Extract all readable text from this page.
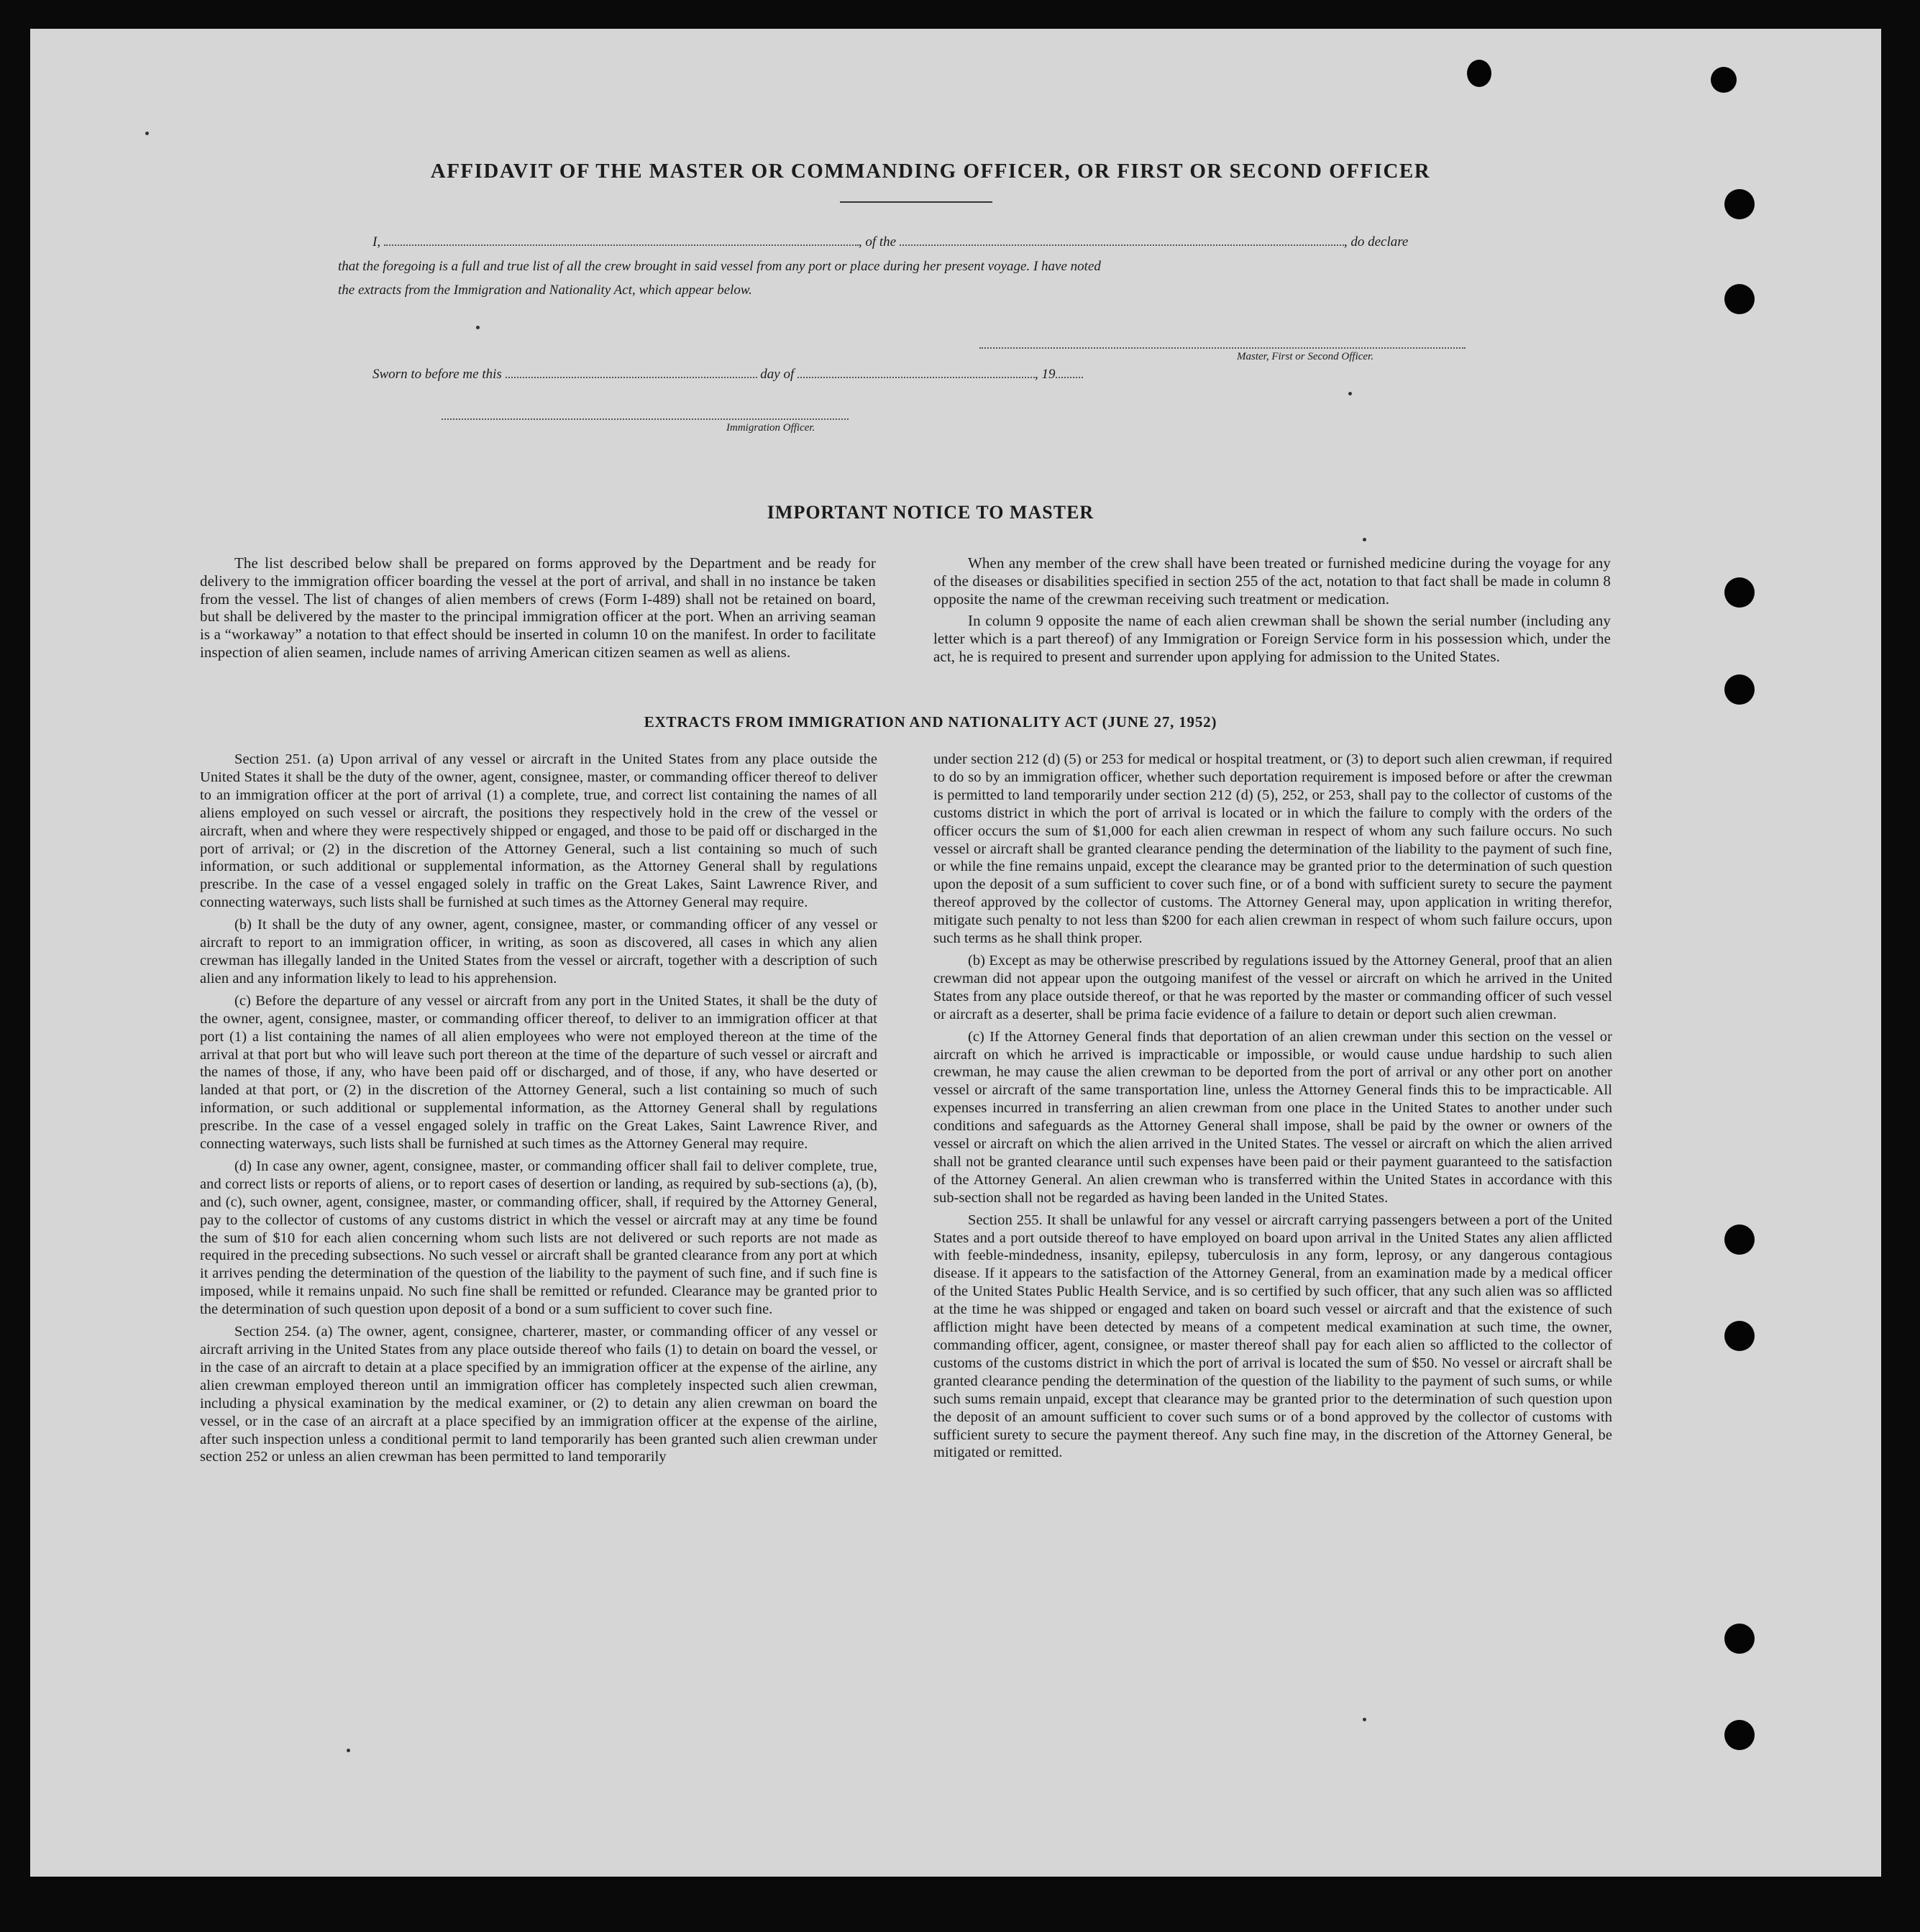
AFFIDAVIT OF THE MASTER OR COMMANDING OFFICER, OR FIRST OR SECOND OFFICER
I,	, of the	, do declare
that the foregoing is a full and true list of all the crew brought in said vessel from any port or place during her present voyage. I have noted
the extracts from the Immigration and Nationality Act, which appear below.
Master, First or Second Officer.
Sworn to before me this	day of	, 19
Immigration Officer.
IMPORTANT NOTICE TO MASTER

The list described below shall be prepared on forms approved by the Department and be ready for delivery to the immigration officer boarding the vessel at the port of arrival, and shall in no instance be taken from the vessel. The list of changes of alien members of crews (Form I-489) shall not be retained on board, but shall be delivered by the master to the principal immigration officer at the port. When an arriving seaman is a “workaway” a notation to that effect should be inserted in column 10 on the manifest. In order to facilitate inspection of alien seamen, include names of arriving American citizen seamen as well as aliens.

When any member of the crew shall have been treated or furnished medicine during the voyage for any of the diseases or disabilities specified in section 255 of the act, notation to that fact shall be made in column 8 opposite the name of the crewman receiving such treatment or medication.

In column 9 opposite the name of each alien crewman shall be shown the serial number (including any letter which is a part thereof) of any Immigration or Foreign Service form in his possession which, under the act, he is required to present and surrender upon applying for admission to the United States.

EXTRACTS FROM IMMIGRATION AND NATIONALITY ACT (JUNE 27, 1952)

Section 251. (a) Upon arrival of any vessel or aircraft in the United States from any place outside the United States it shall be the duty of the owner, agent, consignee, master, or commanding officer thereof to deliver to an immigration officer at the port of arrival (1) a complete, true, and correct list containing the names of all aliens employed on such vessel or aircraft, the positions they respectively hold in the crew of the vessel or aircraft, when and where they were respectively shipped or engaged, and those to be paid off or discharged in the port of arrival; or (2) in the discretion of the Attorney General, such a list containing so much of such information, or such additional or supplemental information, as the Attorney General shall by regulations prescribe. In the case of a vessel engaged solely in traffic on the Great Lakes, Saint Lawrence River, and connecting waterways, such lists shall be furnished at such times as the Attorney General may require.

(b) It shall be the duty of any owner, agent, consignee, master, or commanding officer of any vessel or aircraft to report to an immigration officer, in writing, as soon as discovered, all cases in which any alien crewman has illegally landed in the United States from the vessel or aircraft, together with a description of such alien and any information likely to lead to his apprehension.

(c) Before the departure of any vessel or aircraft from any port in the United States, it shall be the duty of the owner, agent, consignee, master, or commanding officer thereof, to deliver to an immigration officer at that port (1) a list containing the names of all alien employees who were not employed thereon at the time of the arrival at that port but who will leave such port thereon at the time of the departure of such vessel or aircraft and the names of those, if any, who have been paid off or discharged, and of those, if any, who have deserted or landed at that port, or (2) in the discretion of the Attorney General, such a list containing so much of such information, or such additional or supplemental information, as the Attorney General shall by regulations prescribe. In the case of a vessel engaged solely in traffic on the Great Lakes, Saint Lawrence River, and connecting waterways, such lists shall be furnished at such times as the Attorney General may require.

(d) In case any owner, agent, consignee, master, or commanding officer shall fail to deliver complete, true, and correct lists or reports of aliens, or to report cases of desertion or landing, as required by sub-sections (a), (b), and (c), such owner, agent, consignee, master, or commanding officer, shall, if required by the Attorney General, pay to the collector of customs of any customs district in which the vessel or aircraft may at any time be found the sum of $10 for each alien concerning whom such lists are not delivered or such reports are not made as required in the preceding subsections. No such vessel or aircraft shall be granted clearance from any port at which it arrives pending the determination of the question of the liability to the payment of such fine, and if such fine is imposed, while it remains unpaid. No such fine shall be remitted or refunded. Clearance may be granted prior to the determination of such question upon deposit of a bond or a sum sufficient to cover such fine.

Section 254. (a) The owner, agent, consignee, charterer, master, or commanding officer of any vessel or aircraft arriving in the United States from any place outside thereof who fails (1) to detain on board the vessel, or in the case of an aircraft to detain at a place specified by an immigration officer at the expense of the airline, any alien crewman employed thereon until an immigration officer has completely inspected such alien crewman, including a physical examination by the medical examiner, or (2) to detain any alien crewman on board the vessel, or in the case of an aircraft at a place specified by an immigration officer at the expense of the airline, after such inspection unless a conditional permit to land temporarily has been granted such alien crewman under section 252 or unless an alien crewman has been permitted to land temporarily

under section 212 (d) (5) or 253 for medical or hospital treatment, or (3) to deport such alien crewman, if required to do so by an immigration officer, whether such deportation requirement is imposed before or after the crewman is permitted to land temporarily under section 212 (d) (5), 252, or 253, shall pay to the collector of customs of the customs district in which the port of arrival is located or in which the failure to comply with the orders of the officer occurs the sum of $1,000 for each alien crewman in respect of whom any such failure occurs. No such vessel or aircraft shall be granted clearance pending the determination of the liability to the payment of such fine, or while the fine remains unpaid, except the clearance may be granted prior to the determination of such question upon the deposit of a sum sufficient to cover such fine, or of a bond with sufficient surety to secure the payment thereof approved by the collector of customs. The Attorney General may, upon application in writing therefor, mitigate such penalty to not less than $200 for each alien crewman in respect of whom such failure occurs, upon such terms as he shall think proper.

(b) Except as may be otherwise prescribed by regulations issued by the Attorney General, proof that an alien crewman did not appear upon the outgoing manifest of the vessel or aircraft on which he arrived in the United States from any place outside thereof, or that he was reported by the master or commanding officer of such vessel or aircraft as a deserter, shall be prima facie evidence of a failure to detain or deport such alien crewman.

(c) If the Attorney General finds that deportation of an alien crewman under this section on the vessel or aircraft on which he arrived is impracticable or impossible, or would cause undue hardship to such alien crewman, he may cause the alien crewman to be deported from the port of arrival or any other port on another vessel or aircraft of the same transportation line, unless the Attorney General finds this to be impracticable. All expenses incurred in transferring an alien crewman from one place in the United States to another under such conditions and safeguards as the Attorney General shall impose, shall be paid by the owner or owners of the vessel or aircraft on which the alien arrived in the United States. The vessel or aircraft on which the alien arrived shall not be granted clearance until such expenses have been paid or their payment guaranteed to the satisfaction of the Attorney General. An alien crewman who is transferred within the United States in accordance with this sub-section shall not be regarded as having been landed in the United States.

Section 255. It shall be unlawful for any vessel or aircraft carrying passengers between a port of the United States and a port outside thereof to have employed on board upon arrival in the United States any alien afflicted with feeble-mindedness, insanity, epilepsy, tuberculosis in any form, leprosy, or any dangerous contagious disease. If it appears to the satisfaction of the Attorney General, from an examination made by a medical officer of the United States Public Health Service, and is so certified by such officer, that any such alien was so afflicted at the time he was shipped or engaged and taken on board such vessel or aircraft and that the existence of such affliction might have been detected by means of a competent medical examination at such time, the owner, commanding officer, agent, consignee, or master thereof shall pay for each alien so afflicted to the collector of customs of the customs district in which the port of arrival is located the sum of $50. No vessel or aircraft shall be granted clearance pending the determination of the question of the liability to the payment of such sums, or while such sums remain unpaid, except that clearance may be granted prior to the determination of such question upon the deposit of an amount sufficient to cover such sums or of a bond approved by the collector of customs with sufficient surety to secure the payment thereof. Any such fine may, in the discretion of the Attorney General, be mitigated or remitted.
